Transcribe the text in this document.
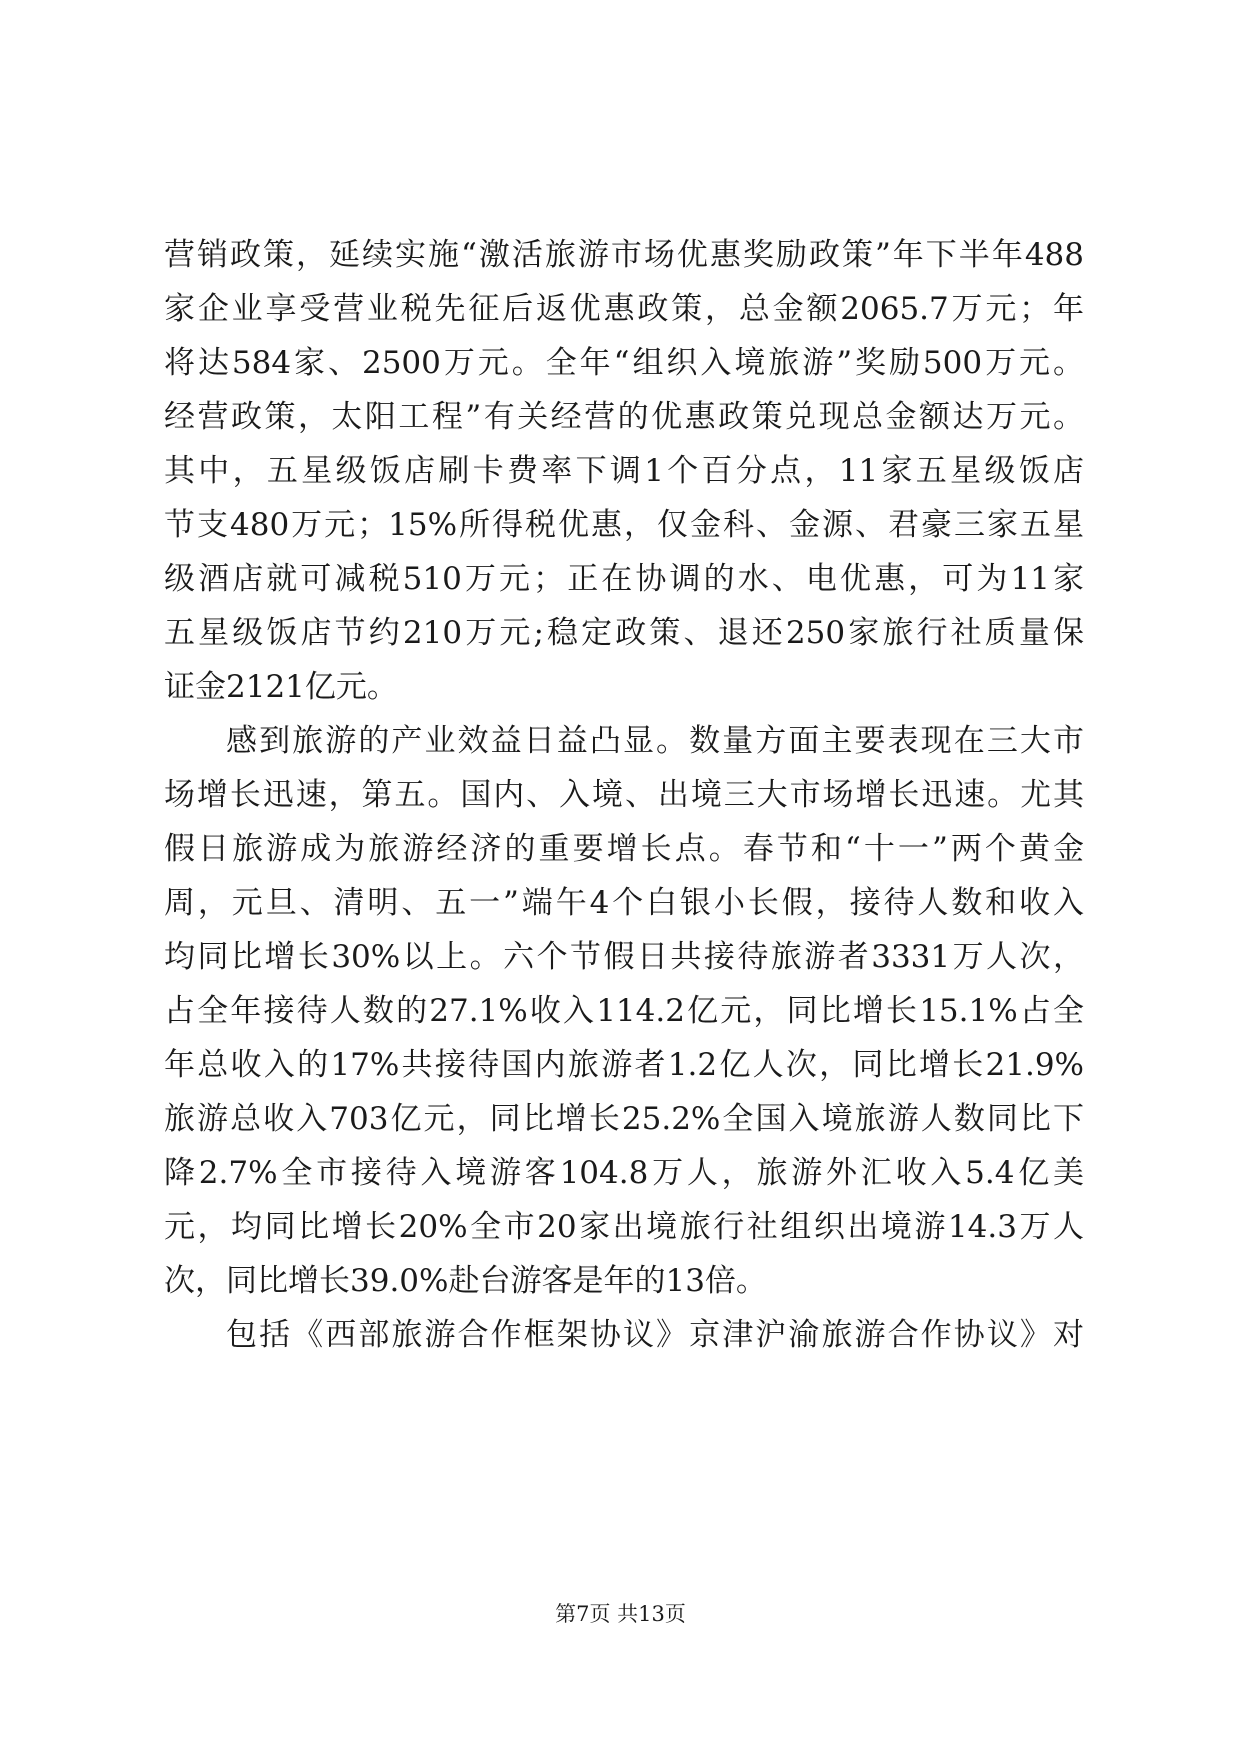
营销政策，延续实施“激活旅游市场优惠奖励政策”年下半年488
家企业享受营业税先征后返优惠政策，总金额2065.7万元；年
将达584家、2500万元。全年“组织入境旅游”奖励500万元。
经营政策，太阳工程”有关经营的优惠政策兑现总金额达万元。
其中，五星级饭店刷卡费率下调1个百分点，11家五星级饭店
节支480万元；15%所得税优惠，仅金科、金源、君豪三家五星
级酒店就可减税510万元；正在协调的水、电优惠，可为11家
五星级饭店节约210万元;稳定政策、退还250家旅行社质量保
证金2121亿元。
感到旅游的产业效益日益凸显。数量方面主要表现在三大市
场增长迅速，第五。国内、入境、出境三大市场增长迅速。尤其
假日旅游成为旅游经济的重要增长点。春节和“十一”两个黄金
周，元旦、清明、五一”端午4个白银小长假，接待人数和收入
均同比增长30%以上。六个节假日共接待旅游者3331万人次，
占全年接待人数的27.1%收入114.2亿元，同比增长15.1%占全
年总收入的17%共接待国内旅游者1.2亿人次，同比增长21.9%
旅游总收入703亿元，同比增长25.2%全国入境旅游人数同比下
降2.7%全市接待入境游客104.8万人，旅游外汇收入5.4亿美
元，均同比增长20%全市20家出境旅行社组织出境游14.3万人
次，同比增长39.0%赴台游客是年的13倍。
包括《西部旅游合作框架协议》京津沪渝旅游合作协议》对
第7页 共13页
